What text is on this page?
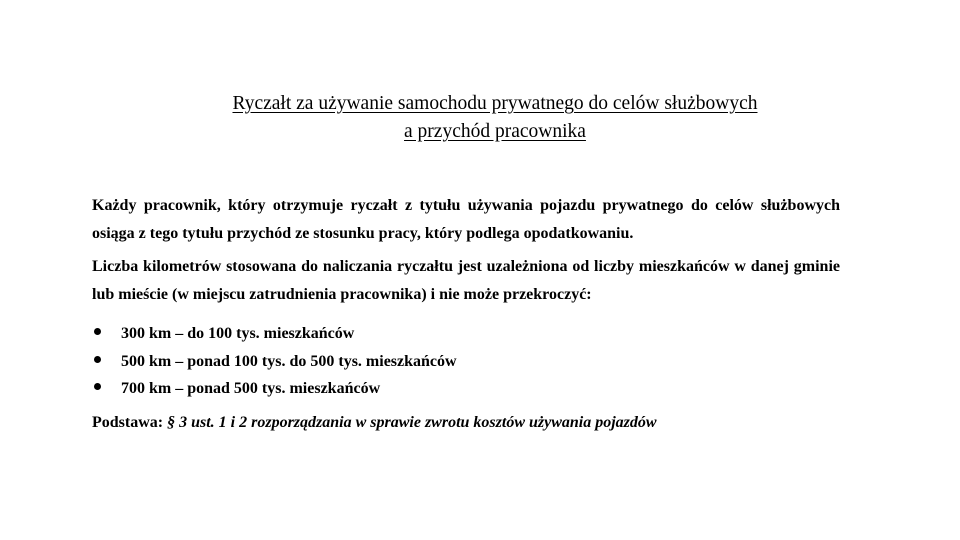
Ryczałt za używanie samochodu prywatnego do celów służbowych
a przychód pracownika

Każdy pracownik, który otrzymuje ryczałt z tytułu używania pojazdu prywatnego do celów służbowych osiąga z tego tytułu przychód ze stosunku pracy, który podlega opodatkowaniu.

Liczba kilometrów stosowana do naliczania ryczałtu jest uzależniona od liczby mieszkańców w danej gminie lub mieście (w miejscu zatrudnienia pracownika) i nie może przekroczyć:

300 km – do 100 tys. mieszkańców
500 km – ponad 100 tys. do 500 tys. mieszkańców
700 km – ponad 500 tys. mieszkańców
Podstawa: § 3 ust. 1 i 2 rozporządzania w sprawie zwrotu kosztów używania pojazdów
